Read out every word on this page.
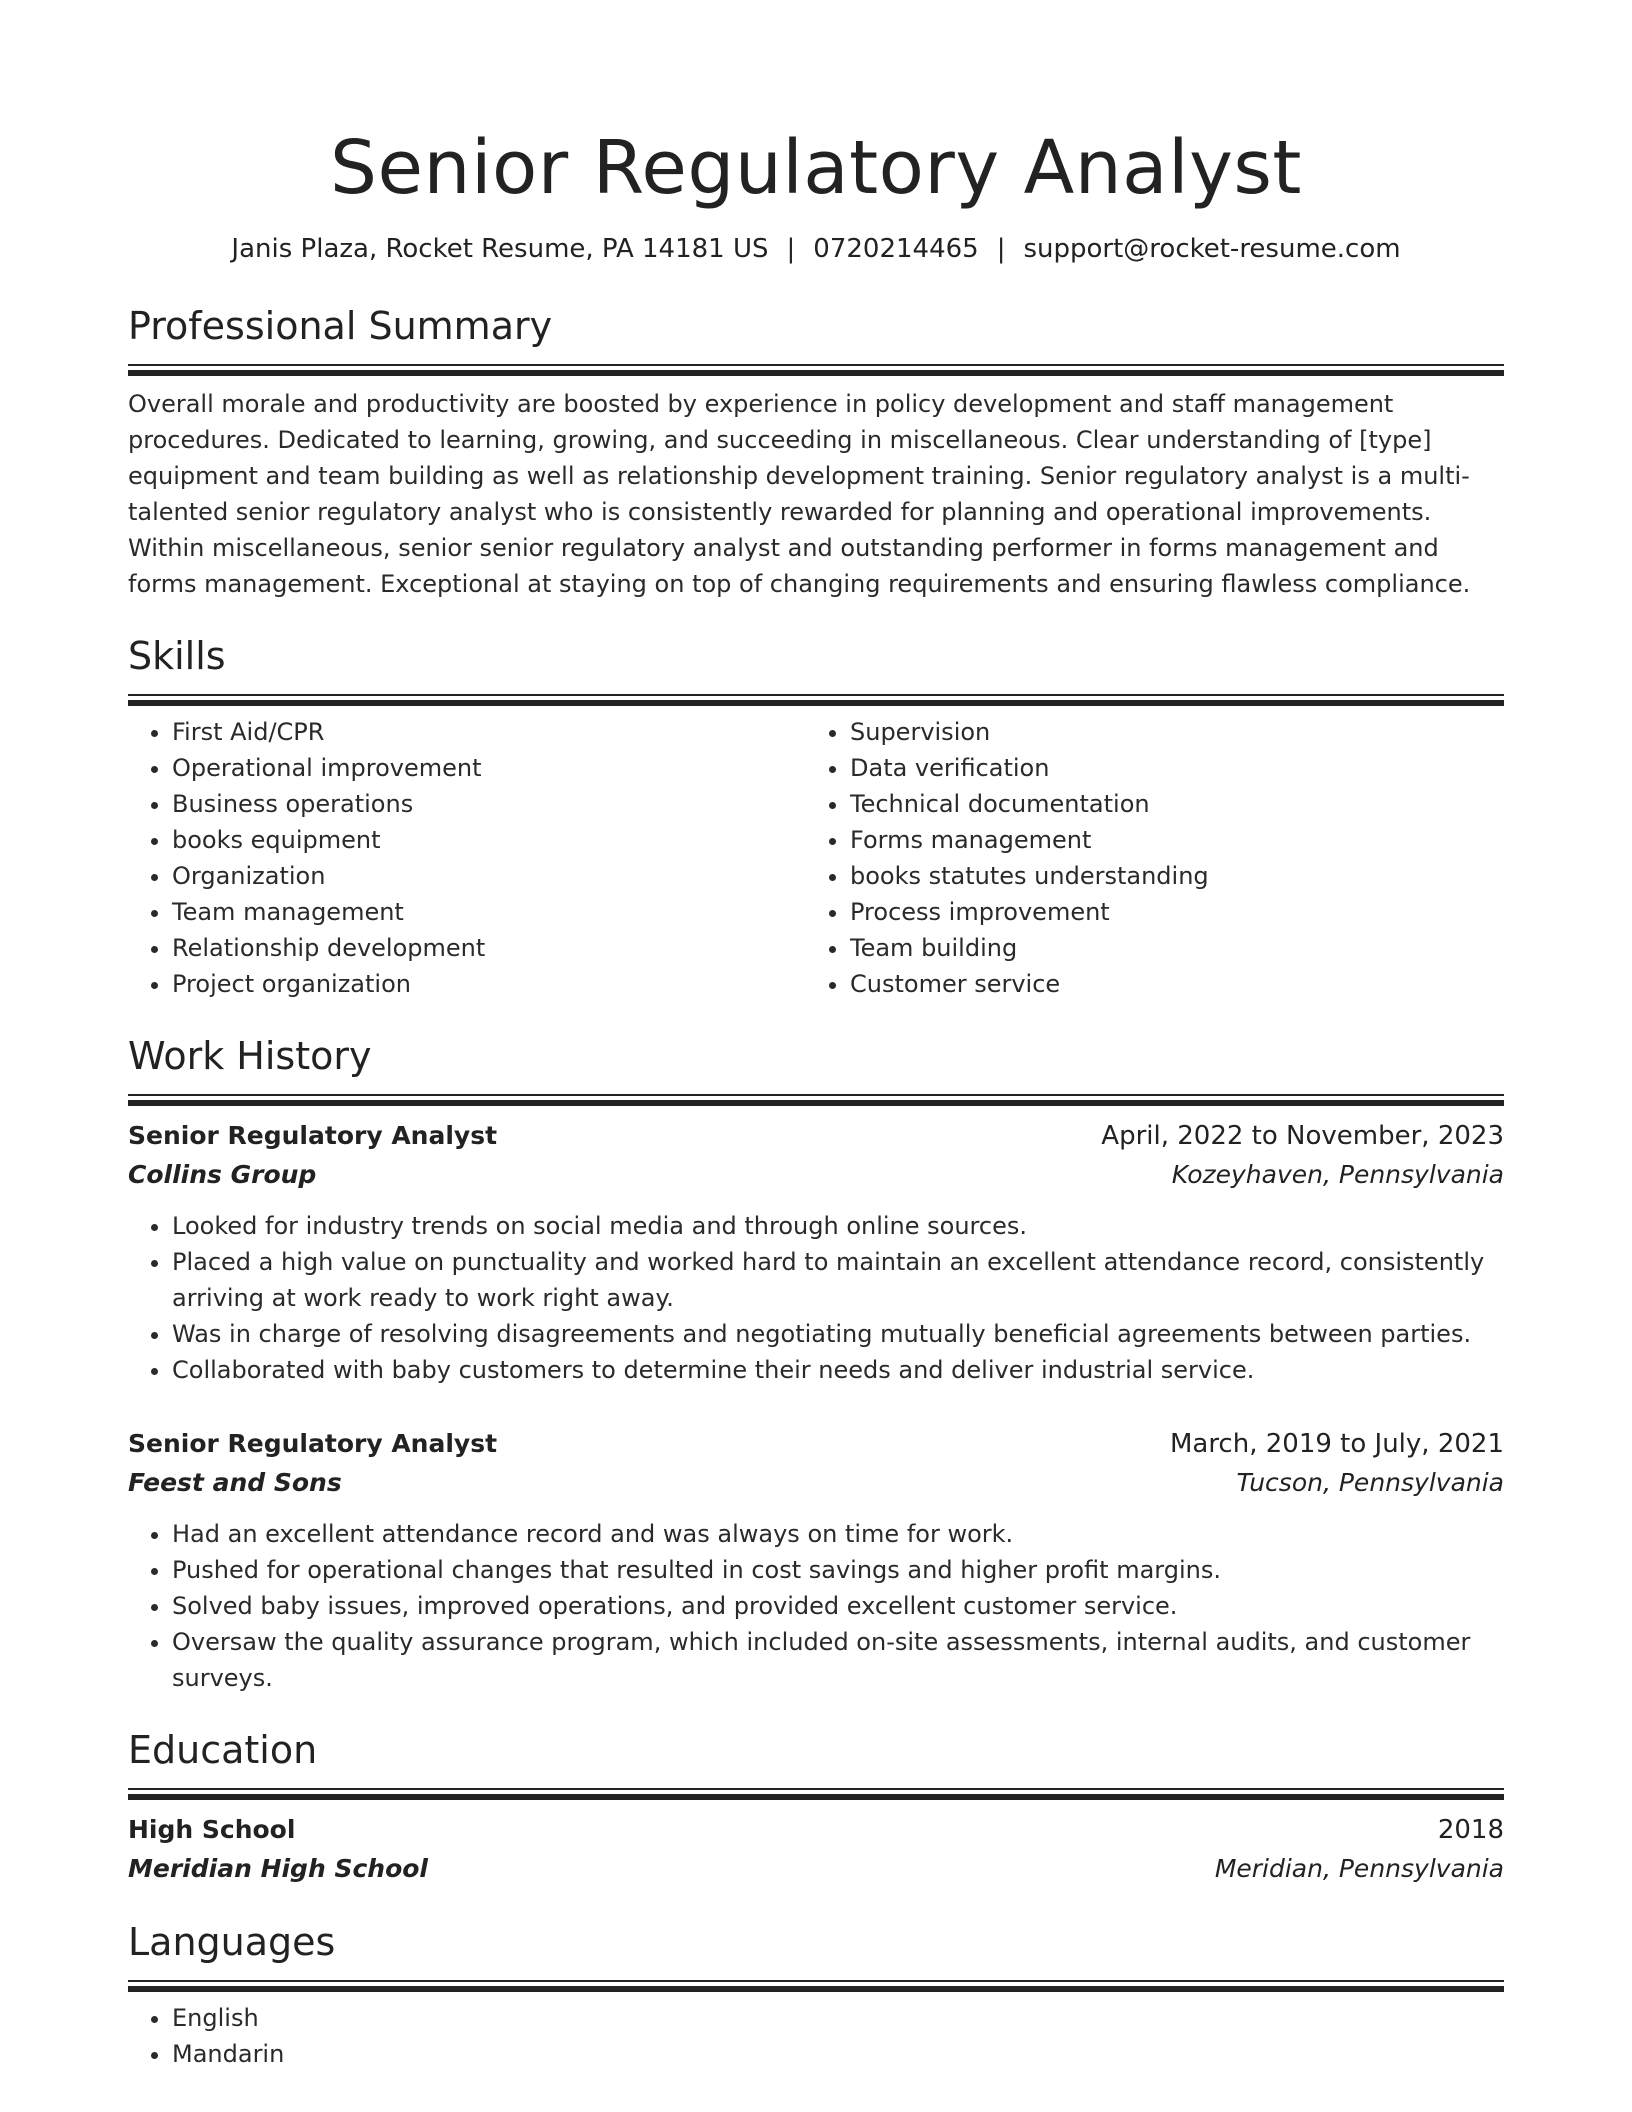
Senior Regulatory Analyst
Janis Plaza, Rocket Resume, PA 14181 US | 0720214465 | support@rocket-resume.com
Professional Summary
Overall morale and productivity are boosted by experience in policy development and staff management procedures. Dedicated to learning, growing, and succeeding in miscellaneous. Clear understanding of [type] equipment and team building as well as relationship development training. Senior regulatory analyst is a multi-talented senior regulatory analyst who is consistently rewarded for planning and operational improvements. Within miscellaneous, senior senior regulatory analyst and outstanding performer in forms management and forms management. Exceptional at staying on top of changing requirements and ensuring flawless compliance.
Skills
• First Aid/CPR
• Operational improvement
• Business operations
• books equipment
• Organization
• Team management
• Relationship development
• Project organization
• Supervision
• Data verification
• Technical documentation
• Forms management
• books statutes understanding
• Process improvement
• Team building
• Customer service
Work History
Senior Regulatory Analyst	April, 2022 to November, 2023
Collins Group	Kozeyhaven, Pennsylvania
• Looked for industry trends on social media and through online sources.
• Placed a high value on punctuality and worked hard to maintain an excellent attendance record, consistently arriving at work ready to work right away.
• Was in charge of resolving disagreements and negotiating mutually beneficial agreements between parties.
• Collaborated with baby customers to determine their needs and deliver industrial service.
Senior Regulatory Analyst	March, 2019 to July, 2021
Feest and Sons	Tucson, Pennsylvania
• Had an excellent attendance record and was always on time for work.
• Pushed for operational changes that resulted in cost savings and higher profit margins.
• Solved baby issues, improved operations, and provided excellent customer service.
• Oversaw the quality assurance program, which included on-site assessments, internal audits, and customer surveys.
Education
High School	2018
Meridian High School	Meridian, Pennsylvania
Languages
• English
• Mandarin
